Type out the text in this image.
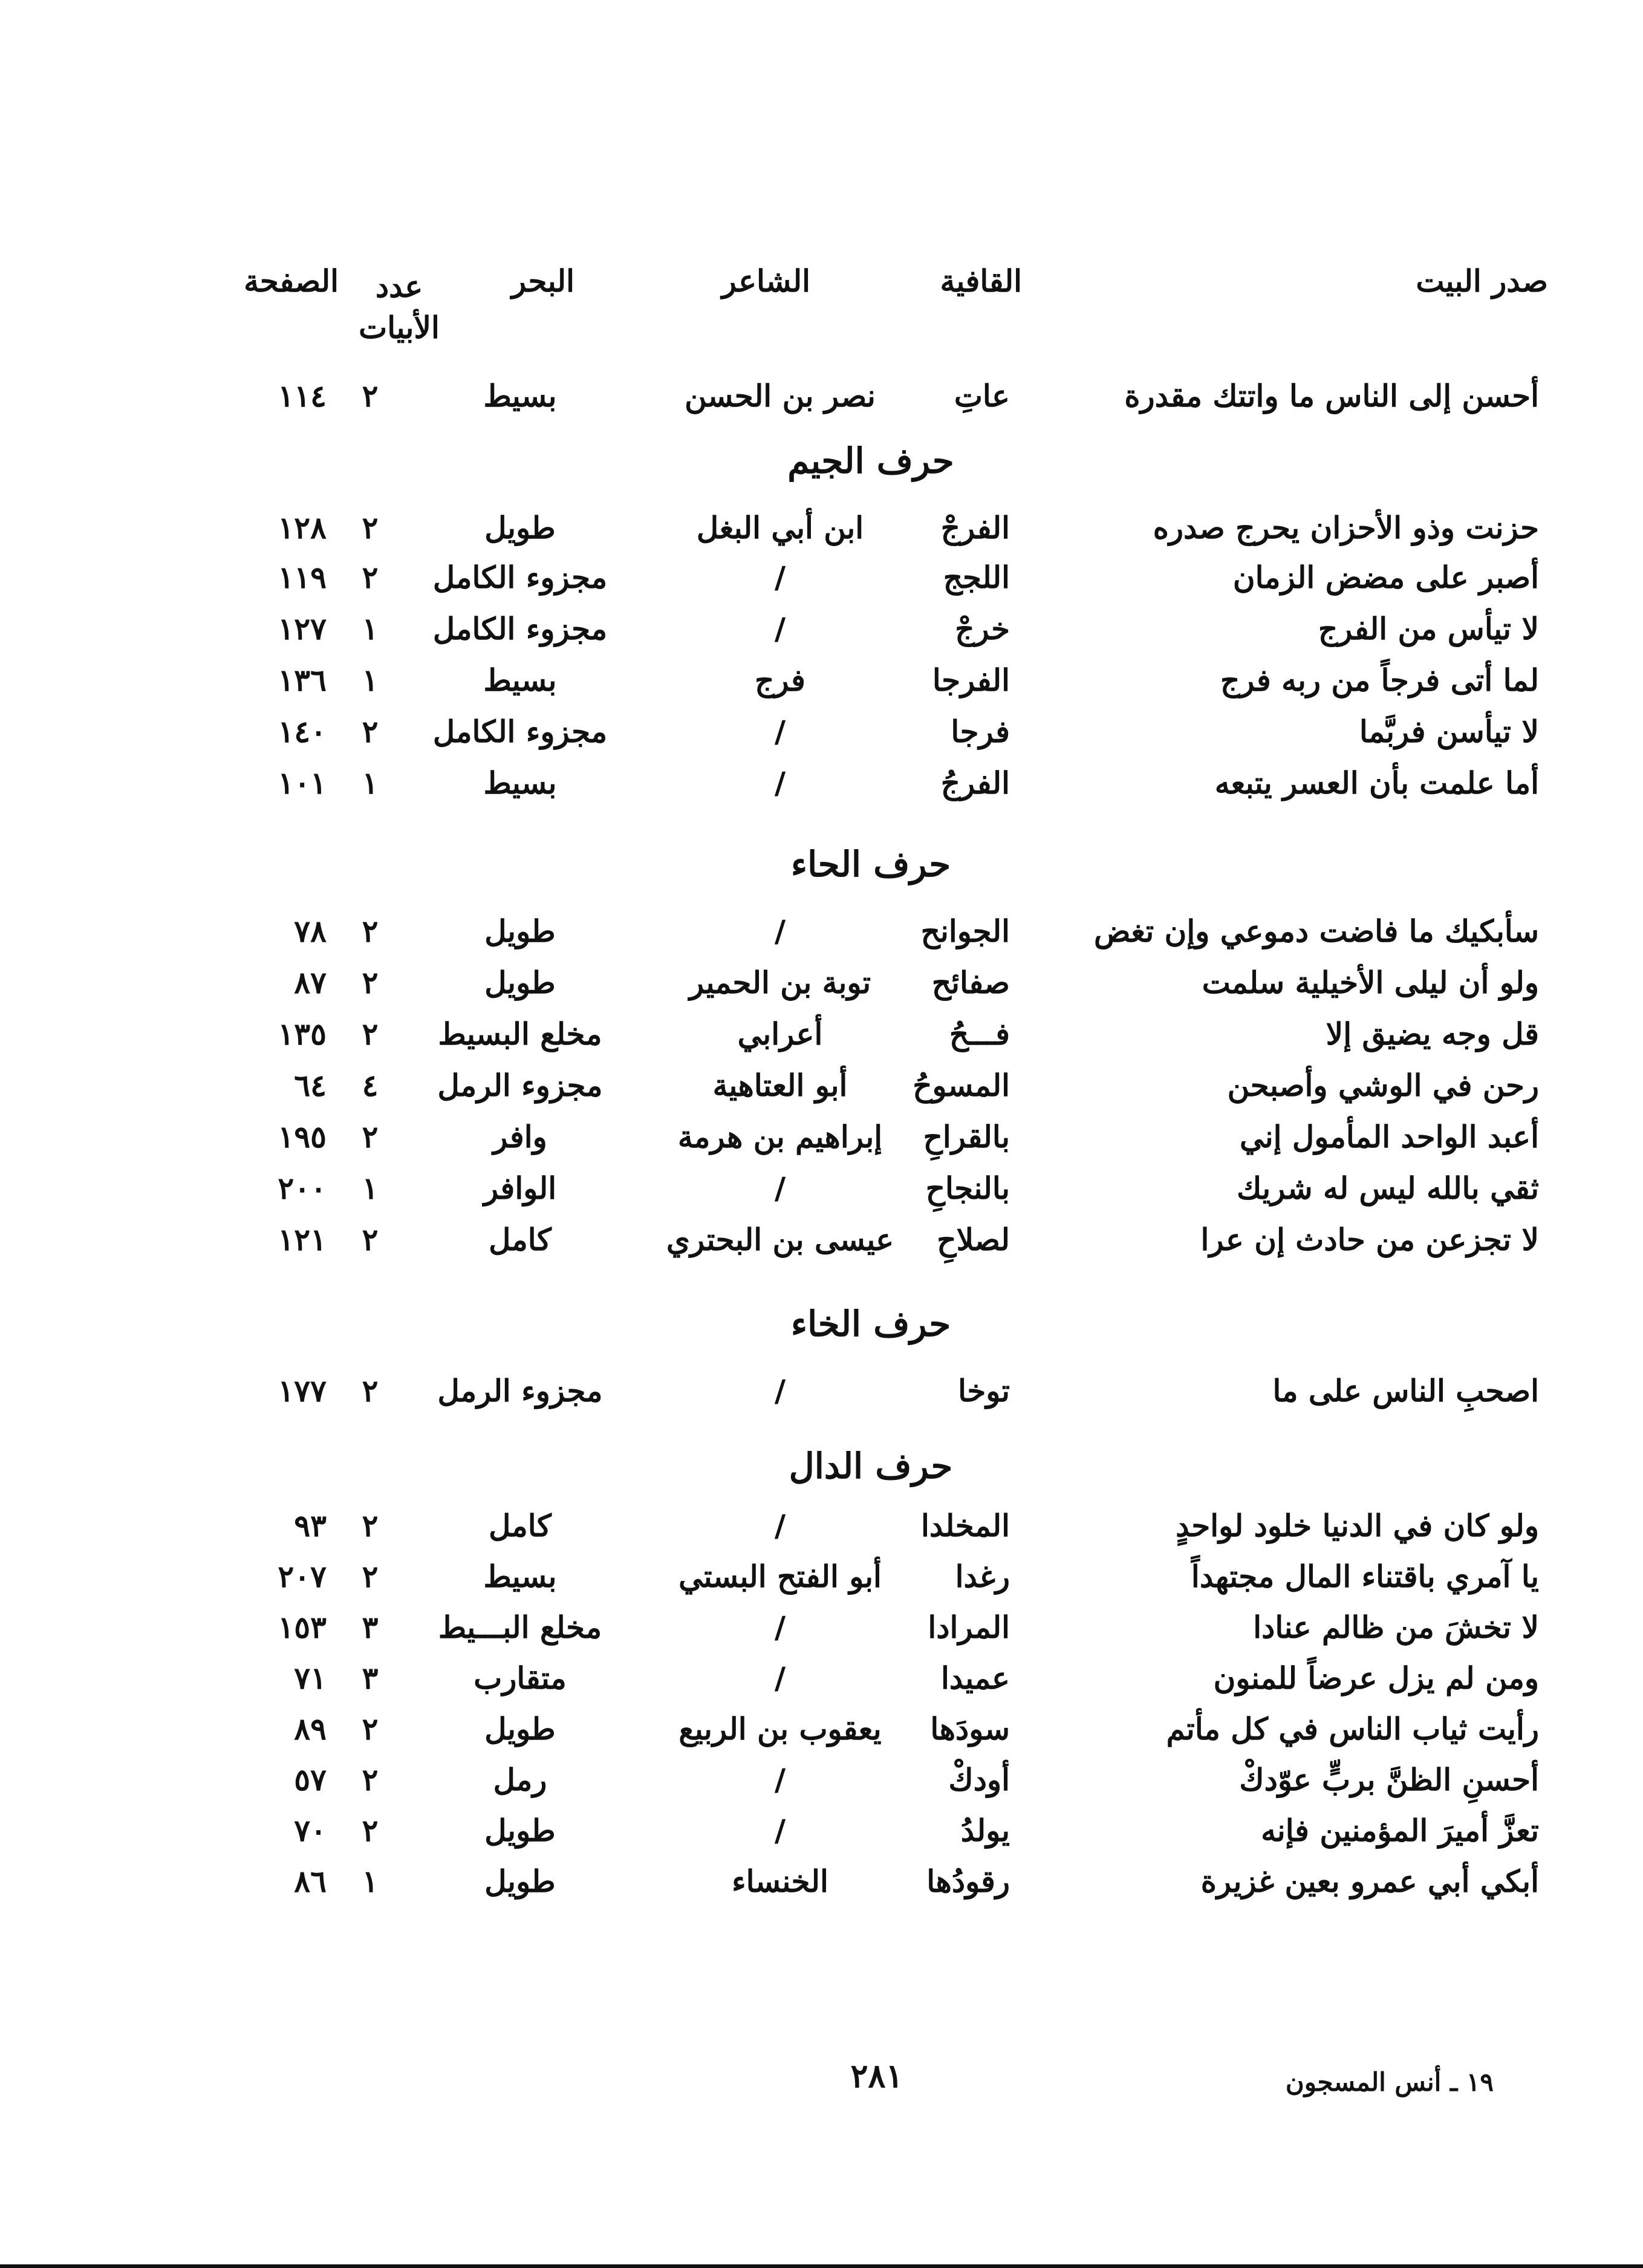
صدر البيت
القافية
الشاعر
البحر
عدد الأبيات
الصفحة
أحسن إلى الناس ما واتتك مقدرة
عاتِ
نصر بن الحسن
بسيط
٢
١١٤
حرف الجيم
حزنت وذو الأحزان يحرج صدره
الفرجْ
ابن أبي البغل
طويل
٢
١٢٨
أصبر على مضض الزمان
اللجج
/
مجزوء الكامل
٢
١١٩
لا تيأس من الفرج
خرجْ
/
مجزوء الكامل
١
١٢٧
لما أتى فرجاً من ربه فرج
الفرجا
فرج
بسيط
١
١٣٦
لا تيأسن فربَّما
فرجا
/
مجزوء الكامل
٢
١٤٠
أما علمت بأن العسر يتبعه
الفرجُ
/
بسيط
١
١٠١
حرف الحاء
سأبكيك ما فاضت دموعي وإن تغض
الجوانح
/
طويل
٢
٧٨
ولو أن ليلى الأخيلية سلمت
صفائح
توبة بن الحمير
طويل
٢
٨٧
قل وجه يضيق إلا
فـــحُ
أعرابي
مخلع البسيط
٢
١٣٥
رحن في الوشي وأصبحن
المسوحُ
أبو العتاهية
مجزوء الرمل
٤
٦٤
أعبد الواحد المأمول إني
بالقراحِ
إبراهيم بن هرمة
وافر
٢
١٩٥
ثقي بالله ليس له شريك
بالنجاحِ
/
الوافر
١
٢٠٠
لا تجزعن من حادث إن عرا
لصلاحِ
عيسى بن البحتري
كامل
٢
١٢١
حرف الخاء
اصحبِ الناس على ما
توخا
/
مجزوء الرمل
٢
١٧٧
حرف الدال
ولو كان في الدنيا خلود لواحدٍ
المخلدا
/
كامل
٢
٩٣
يا آمري باقتناء المال مجتهداً
رغدا
أبو الفتح البستي
بسيط
٢
٢٠٧
لا تخشَ من ظالم عنادا
المرادا
/
مخلع البـــيط
٣
١٥٣
ومن لم يزل عرضاً للمنون
عميدا
/
متقارب
٣
٧١
رأيت ثياب الناس في كل مأتم
سودَها
يعقوب بن الربيع
طويل
٢
٨٩
أحسنِ الظنَّ بربٍّ عوّدكْ
أودكْ
/
رمل
٢
٥٧
تعزَّ أميرَ المؤمنين فإنه
يولدُ
/
طويل
٢
٧٠
أبكي أبي عمرو بعين غزيرة
رقودُها
الخنساء
طويل
١
٨٦
٢٨١	١٩ ـ أنس المسجون
